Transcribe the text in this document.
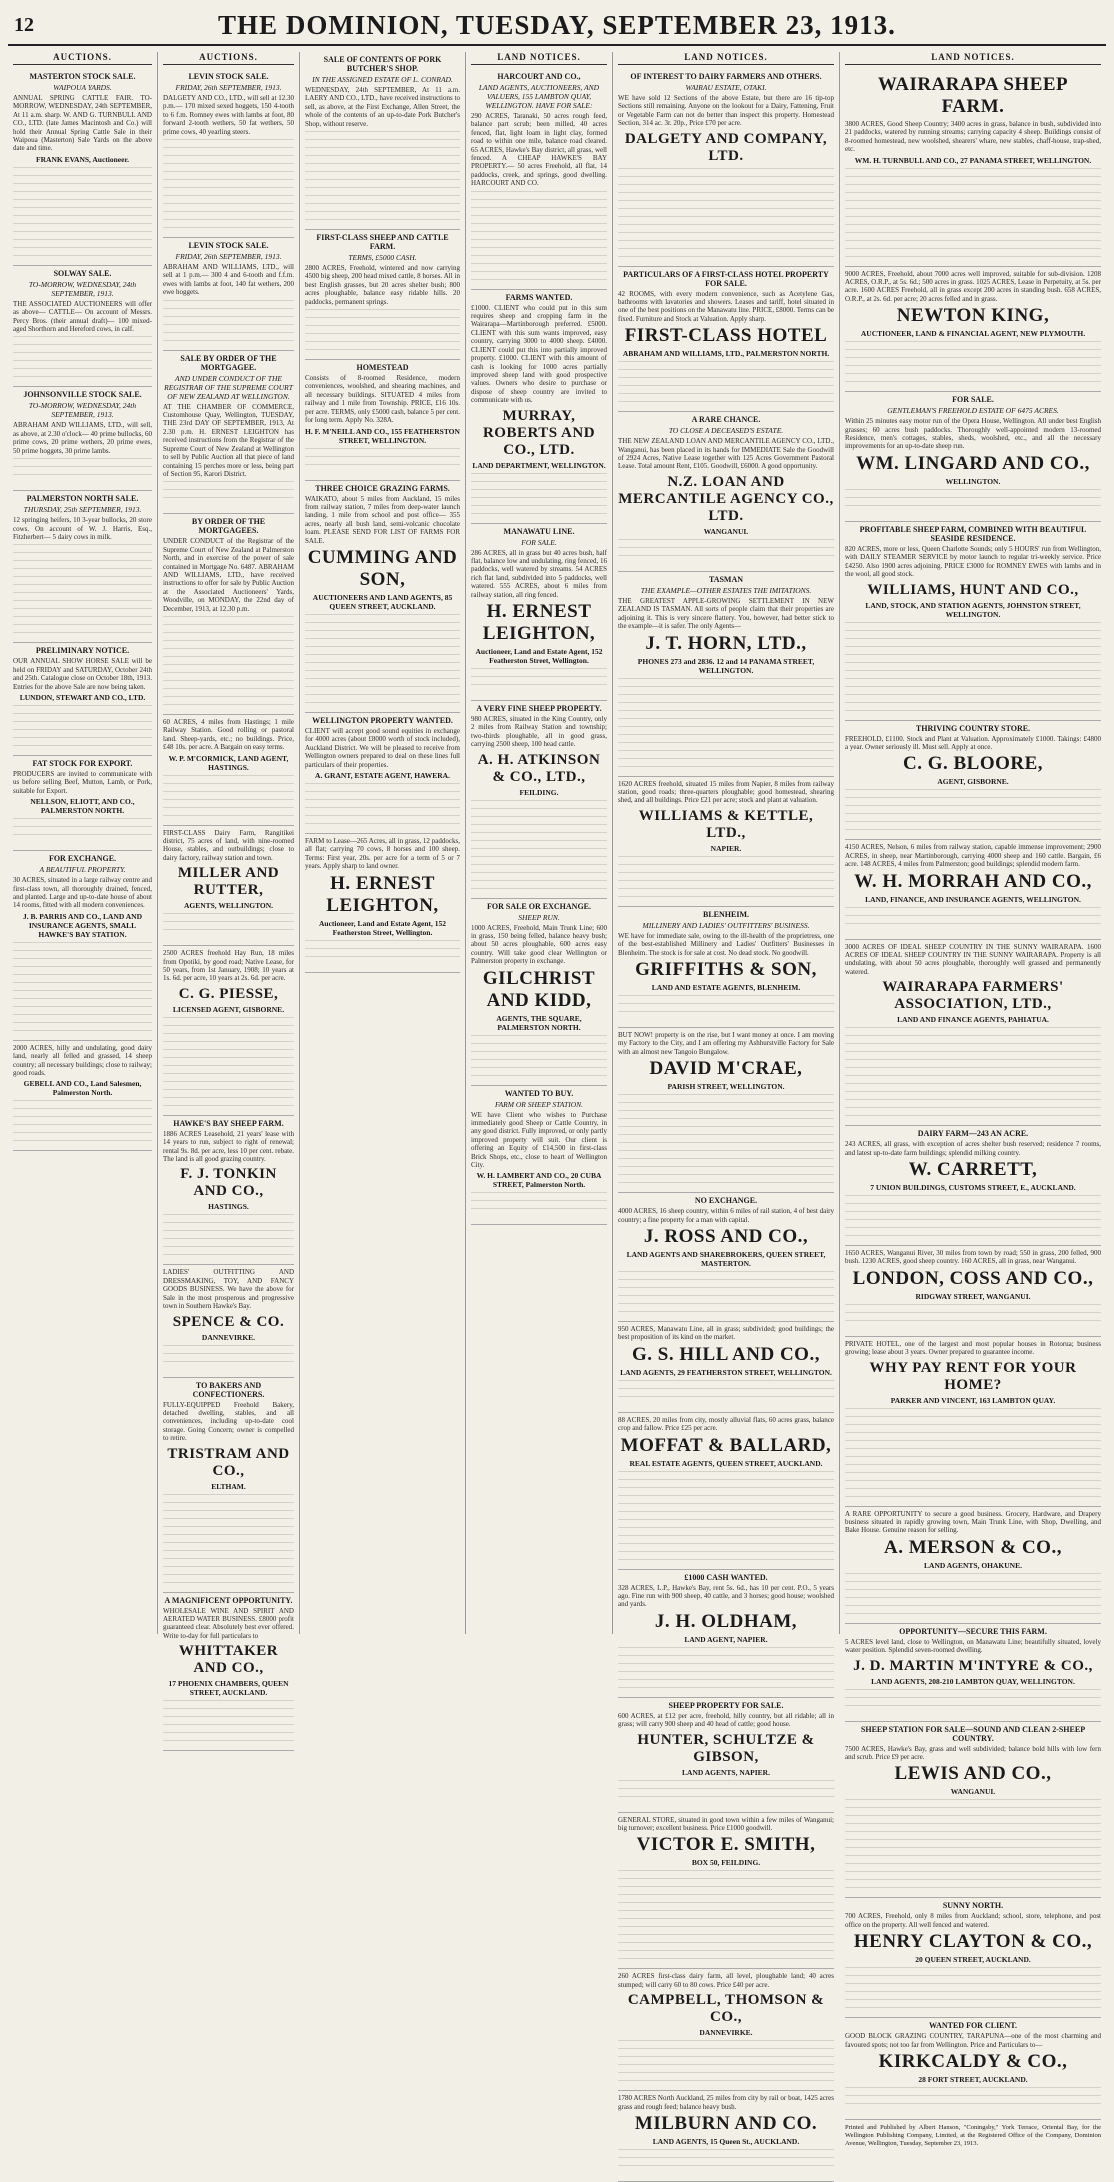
12	THE DOMINION, TUESDAY, SEPTEMBER 23, 1913.
AUCTIONS.
MASTERTON STOCK SALE.
WAIPOUA YARDS.
ANNUAL SPRING CATTLE FAIR. TO-MORROW, WEDNESDAY, 24th SEPTEMBER, At 11 a.m. sharp. W. AND G. TURNBULL AND CO., LTD. (late James Macintosh and Co.) will hold their Annual Spring Cattle Sale in their Waipoua (Masterton) Sale Yards on the above date and time.
FRANK EVANS, Auctioneer.
SOLWAY SALE.
TO-MORROW, WEDNESDAY, 24th SEPTEMBER, 1913.
THE ASSOCIATED AUCTIONEERS will offer as above— CATTLE— On account of Messrs. Percy Bros. (their annual draft)— 100 mixed-aged Shorthorn and Hereford cows, in calf.
JOHNSONVILLE STOCK SALE.
TO-MORROW, WEDNESDAY, 24th SEPTEMBER, 1913.
ABRAHAM AND WILLIAMS, LTD., will sell, as above, at 2.30 o'clock— 40 prime bullocks, 60 prime cows, 20 prime wethers, 20 prime ewes, 50 prime hoggets, 30 prime lambs.
PALMERSTON NORTH SALE.
THURSDAY, 25th SEPTEMBER, 1913.
12 springing heifers, 10 3-year bullocks, 20 store cows. On account of W. J. Harris, Esq., Fitzherbert— 5 dairy cows in milk.
PRELIMINARY NOTICE.
OUR ANNUAL SHOW HORSE SALE will be held on FRIDAY and SATURDAY, October 24th and 25th. Catalogue close on October 18th, 1913. Entries for the above Sale are now being taken.
LUNDON, STEWART AND CO., LTD.
FAT STOCK FOR EXPORT.
PRODUCERS are invited to communicate with us before selling Beef, Mutton, Lamb, or Pork, suitable for Export.
NELLSON, ELIOTT, AND CO., PALMERSTON NORTH.
FOR EXCHANGE.
A BEAUTIFUL PROPERTY.
30 ACRES, situated in a large railway centre and first-class town, all thoroughly drained, fenced, and planted. Large and up-to-date house of about 14 rooms, fitted with all modern conveniences.
J. B. PARRIS AND CO., LAND AND INSURANCE AGENTS, SMALL HAWKE'S BAY STATION.
2000 ACRES, hilly and undulating, good dairy land, nearly all felled and grassed, 14 sheep country; all necessary buildings; close to railway; good roads.
GEBELL AND CO., Land Salesmen, Palmerston North.
AUCTIONS.
LEVIN STOCK SALE.
FRIDAY, 26th SEPTEMBER, 1913.
DALGETY AND CO., LTD., will sell at 12.30 p.m.— 170 mixed sexed hoggets, 150 4-tooth to 6 f.m. Romney ewes with lambs at foot, 80 forward 2-tooth wethers, 50 fat wethers, 50 prime cows, 40 yearling steers.
LEVIN STOCK SALE.
FRIDAY, 26th SEPTEMBER, 1913.
ABRAHAM AND WILLIAMS, LTD., will sell at 1 p.m.— 300 4 and 6-tooth and f.f.m. ewes with lambs at foot, 140 fat wethers, 200 ewe hoggets.
SALE BY ORDER OF THE MORTGAGEE.
AND UNDER CONDUCT OF THE REGISTRAR OF THE SUPREME COURT OF NEW ZEALAND AT WELLINGTON.
AT THE CHAMBER OF COMMERCE, Customhouse Quay, Wellington, TUESDAY, THE 23rd DAY OF SEPTEMBER, 1913, At 2.30 p.m. H. ERNEST LEIGHTON has received instructions from the Registrar of the Supreme Court of New Zealand at Wellington to sell by Public Auction all that piece of land containing 15 perches more or less, being part of Section 95, Karori District.
BY ORDER OF THE MORTGAGEES.
UNDER CONDUCT of the Registrar of the Supreme Court of New Zealand at Palmerston North, and in exercise of the power of sale contained in Mortgage No. 6487. ABRAHAM AND WILLIAMS, LTD., have received instructions to offer for sale by Public Auction at the Associated Auctioneers' Yards, Woodville, on MONDAY, the 22nd day of December, 1913, at 12.30 p.m.
60 ACRES, 4 miles from Hastings; 1 mile Railway Station. Good rolling or pastoral land. Sheep-yards, etc.; no buildings. Price, £48 10s. per acre. A Bargain on easy terms.
W. P. M'CORMICK, LAND AGENT, HASTINGS.
FIRST-CLASS Dairy Farm, Rangitikei district, 75 acres of land, with nine-roomed House, stables, and outbuildings; close to dairy factory, railway station and town.
MILLER AND RUTTER,
AGENTS, WELLINGTON.
2500 ACRES freehold Hay Run, 18 miles from Opotiki, by good road; Native Lease, for 50 years, from 1st January, 1908; 10 years at 1s. 6d. per acre, 10 years at 2s. 6d. per acre.
C. G. PIESSE,
LICENSED AGENT, GISBORNE.
HAWKE'S BAY SHEEP FARM.
1886 ACRES Leasehold, 21 years' lease with 14 years to run, subject to right of renewal; rental 9s. 8d. per acre, less 10 per cent. rebate. The land is all good grazing country.
F. J. TONKIN AND CO.,
HASTINGS.
LADIES' OUTFITTING AND DRESSMAKING, TOY, AND FANCY GOODS BUSINESS. We have the above for Sale in the most prosperous and progressive town in Southern Hawke's Bay.
SPENCE & CO.
DANNEVIRKE.
TO BAKERS AND CONFECTIONERS.
FULLY-EQUIPPED Freehold Bakery, detached dwelling, stables, and all conveniences, including up-to-date cool storage. Going Concern; owner is compelled to retire.
TRISTRAM AND CO.,
ELTHAM.
A MAGNIFICENT OPPORTUNITY.
WHOLESALE WINE AND SPIRIT AND AERATED WATER BUSINESS. £8000 profit guaranteed clear. Absolutely best ever offered. Write to-day for full particulars to
WHITTAKER AND CO.,
17 PHOENIX CHAMBERS, QUEEN STREET, AUCKLAND.
SALE OF CONTENTS OF PORK BUTCHER'S SHOP.
IN THE ASSIGNED ESTATE OF L. CONRAD.
WEDNESDAY, 24th SEPTEMBER, At 11 a.m. LAERY AND CO., LTD., have received instructions to sell, as above, at the First Exchange, Allen Street, the whole of the contents of an up-to-date Pork Butcher's Shop, without reserve.
FIRST-CLASS SHEEP AND CATTLE FARM.
TERMS, £5000 CASH.
2800 ACRES, Freehold, wintered and now carrying 4500 big sheep, 200 head mixed cattle, 8 horses. All in best English grasses, but 20 acres shelter bush; 800 acres ploughable, balance easy ridable hills. 20 paddocks, permanent springs.
HOMESTEAD
Consists of 8-roomed Residence, modern conveniences, woolshed, and shearing machines, and all necessary buildings. SITUATED 4 miles from railway and 1 mile from Township. PRICE, £16 10s. per acre. TERMS, only £5000 cash, balance 5 per cent. for long term. Apply No. 328A.
H. F. M'NEILL AND CO., 155 FEATHERSTON STREET, WELLINGTON.
THREE CHOICE GRAZING FARMS.
WAIKATO, about 5 miles from Auckland, 15 miles from railway station, 7 miles from deep-water launch landing, 1 mile from school and post office— 355 acres, nearly all bush land, semi-volcanic chocolate loam. PLEASE SEND FOR LIST OF FARMS FOR SALE.
CUMMING AND SON,
AUCTIONEERS AND LAND AGENTS, 85 QUEEN STREET, AUCKLAND.
WELLINGTON PROPERTY WANTED.
CLIENT will accept good sound equities in exchange for 4000 acres (about £8000 worth of stock included), Auckland District. We will be pleased to receive from Wellington owners prepared to deal on these lines full particulars of their properties.
A. GRANT, ESTATE AGENT, HAWERA.
FARM to Lease—265 Acres, all in grass, 12 paddocks, all flat; carrying 70 cows, 8 horses and 100 sheep. Terms: First year, 20s. per acre for a term of 5 or 7 years. Apply sharp to land owner.
H. ERNEST LEIGHTON,
Auctioneer, Land and Estate Agent, 152 Featherston Street, Wellington.
LAND NOTICES.
HARCOURT AND CO.,
LAND AGENTS, AUCTIONEERS, AND VALUERS, 155 LAMBTON QUAY, WELLINGTON. HAVE FOR SALE:
290 ACRES, Taranaki, 50 acres rough feed, balance part scrub; been milled, 40 acres fenced, flat, light loam in light clay, formed road to within one mile, balance road cleared. 65 ACRES, Hawke's Bay district, all grass, well fenced. A CHEAP HAWKE'S BAY PROPERTY.— 50 acres Freehold, all flat, 14 paddocks, creek, and springs, good dwelling. HARCOURT AND CO.
FARMS WANTED.
£1000. CLIENT who could put in this sum requires sheep and cropping farm in the Wairarapa—Martinborough preferred. £5000. CLIENT with this sum wants improved, easy country, carrying 3000 to 4000 sheep. £4000. CLIENT could put this into partially improved property. £1000. CLIENT with this amount of cash is looking for 1000 acres partially improved sheep land with good prospective values. Owners who desire to purchase or dispose of sheep country are invited to communicate with us.
MURRAY, ROBERTS AND CO., LTD.
LAND DEPARTMENT, WELLINGTON.
MANAWATU LINE.
FOR SALE.
286 ACRES, all in grass but 40 acres bush, half flat, balance low and undulating, ring fenced, 16 paddocks, well watered by streams. 54 ACRES rich flat land, subdivided into 5 paddocks, well watered. 555 ACRES, about 6 miles from railway station, all ring fenced.
H. ERNEST LEIGHTON,
Auctioneer, Land and Estate Agent, 152 Featherston Street, Wellington.
A VERY FINE SHEEP PROPERTY.
980 ACRES, situated in the King Country, only 2 miles from Railway Station and township; two-thirds ploughable, all in good grass, carrying 2500 sheep, 100 head cattle.
A. H. ATKINSON & CO., LTD.,
FEILDING.
FOR SALE OR EXCHANGE.
SHEEP RUN.
1000 ACRES, Freehold, Main Trunk Line; 600 in grass, 150 being felled, balance heavy bush; about 50 acres ploughable, 600 acres easy country. Will take good clear Wellington or Palmerston property in exchange.
GILCHRIST AND KIDD,
AGENTS, THE SQUARE, PALMERSTON NORTH.
WANTED TO BUY.
FARM OR SHEEP STATION.
WE have Client who wishes to Purchase immediately good Sheep or Cattle Country, in any good district. Fully improved, or only partly improved property will suit. Our client is offering an Equity of £14,500 in first-class Brick Shops, etc., close to heart of Wellington City.
W. H. LAMBERT AND CO., 20 CUBA STREET, Palmerston North.
LAND NOTICES.
OF INTEREST TO DAIRY FARMERS AND OTHERS.
WAIRAU ESTATE, OTAKI.
WE have sold 12 Sections of the above Estate, but there are 16 tip-top Sections still remaining. Anyone on the lookout for a Dairy, Fattening, Fruit or Vegetable Farm can not do better than inspect this property. Homestead Section, 314 ac. 3r. 20p., Price £70 per acre.
DALGETY AND COMPANY, LTD.
PARTICULARS OF A FIRST-CLASS HOTEL PROPERTY FOR SALE.
42 ROOMS, with every modern convenience, such as Acetylene Gas, bathrooms with lavatories and showers. Leases and tariff, hotel situated in one of the best positions on the Manawatu line. PRICE, £8000. Terms can be fixed. Furniture and Stock at Valuation. Apply sharp.
FIRST-CLASS HOTEL
ABRAHAM AND WILLIAMS, LTD., PALMERSTON NORTH.
A RARE CHANCE.
TO CLOSE A DECEASED'S ESTATE.
THE NEW ZEALAND LOAN AND MERCANTILE AGENCY CO., LTD., Wanganui, has been placed in its hands for IMMEDIATE Sale the Goodwill of 2924 Acres, Native Lease together with 125 Acres Government Pastoral Lease. Total amount Rent, £105. Goodwill, £6000. A good opportunity.
N.Z. LOAN AND MERCANTILE AGENCY CO., LTD.
WANGANUI.
TASMAN
THE EXAMPLE—OTHER ESTATES THE IMITATIONS.
THE GREATEST APPLE-GROWING SETTLEMENT IN NEW ZEALAND IS TASMAN. All sorts of people claim that their properties are adjoining it. This is very sincere flattery. You, however, had better stick to the example—it is safer. The only Agents—
J. T. HORN, LTD.,
PHONES 273 and 2836. 12 and 14 PANAMA STREET, WELLINGTON.
1620 ACRES freehold, situated 15 miles from Napier, 8 miles from railway station, good roads; three-quarters ploughable; good homestead, shearing shed, and all buildings. Price £21 per acre; stock and plant at valuation.
WILLIAMS & KETTLE, LTD.,
NAPIER.
BLENHEIM.
MILLINERY AND LADIES' OUTFITTERS' BUSINESS.
WE have for immediate sale, owing to the ill-health of the proprietress, one of the best-established Millinery and Ladies' Outfitters' Businesses in Blenheim. The stock is for sale at cost. No dead stock. No goodwill.
GRIFFITHS & SON,
LAND AND ESTATE AGENTS, BLENHEIM.
BUT NOW! property is on the rise, but I want money at once. I am moving my Factory to the City, and I am offering my Ashhurstville Factory for Sale with an almost new Tangoio Bungalow.
DAVID M'CRAE,
PARISH STREET, WELLINGTON.
NO EXCHANGE.
4000 ACRES, 16 sheep country, within 6 miles of rail station, 4 of best dairy country; a fine property for a man with capital.
J. ROSS AND CO.,
LAND AGENTS AND SHAREBROKERS, QUEEN STREET, MASTERTON.
950 ACRES, Manawatu Line, all in grass; subdivided; good buildings; the best proposition of its kind on the market.
G. S. HILL AND CO.,
LAND AGENTS, 29 FEATHERSTON STREET, WELLINGTON.
88 ACRES, 20 miles from city, mostly alluvial flats, 60 acres grass, balance crop and fallow. Price £25 per acre.
MOFFAT & BALLARD,
REAL ESTATE AGENTS, QUEEN STREET, AUCKLAND.
£1000 CASH WANTED.
328 ACRES, L.P., Hawke's Bay, rent 5s. 6d., has 10 per cent. P.O., 5 years ago. Fine run with 900 sheep, 40 cattle, and 3 horses; good house; woolshed and yards.
J. H. OLDHAM,
LAND AGENT, NAPIER.
SHEEP PROPERTY FOR SALE.
600 ACRES, at £12 per acre, freehold, hilly country, but all ridable; all in grass; will carry 900 sheep and 40 head of cattle; good house.
HUNTER, SCHULTZE & GIBSON,
LAND AGENTS, NAPIER.
GENERAL STORE, situated in good town within a few miles of Wanganui; big turnover; excellent business. Price £1000 goodwill.
VICTOR E. SMITH,
BOX 50, FEILDING.
260 ACRES first-class dairy farm, all level, ploughable land; 40 acres stumped; will carry 60 to 80 cows. Price £40 per acre.
CAMPBELL, THOMSON & CO.,
DANNEVIRKE.
1780 ACRES North Auckland, 25 miles from city by rail or boat, 1425 acres grass and rough feed; balance heavy bush.
MILBURN AND CO.
LAND AGENTS, 15 Queen St., AUCKLAND.
LAND NOTICES.
WAIRARAPA SHEEP FARM.
3800 ACRES, Good Sheep Country; 3400 acres in grass, balance in bush, subdivided into 21 paddocks, watered by running streams; carrying capacity 4 sheep. Buildings consist of 8-roomed homestead, new woolshed, shearers' whare, new stables, chaff-house, trap-shed, etc.
WM. H. TURNBULL AND CO., 27 PANAMA STREET, WELLINGTON.
9000 ACRES, Freehold, about 7000 acres well improved, suitable for sub-division. 1208 ACRES, O.R.P., at 5s. 6d.; 500 acres in grass. 1025 ACRES, Lease in Perpetuity, at 5s. per acre. 1600 ACRES Freehold, all in grass except 200 acres in standing bush. 658 ACRES, O.R.P., at 2s. 6d. per acre; 20 acres felled and in grass.
NEWTON KING,
AUCTIONEER, LAND & FINANCIAL AGENT, NEW PLYMOUTH.
FOR SALE.
GENTLEMAN'S FREEHOLD ESTATE OF 6475 ACRES.
Within 25 minutes easy motor run of the Opera House, Wellington. All under best English grasses; 60 acres bush paddocks. Thoroughly well-appointed modern 13-roomed Residence, men's cottages, stables, sheds, woolshed, etc., and all the necessary improvements for an up-to-date sheep run.
WM. LINGARD AND CO.,
WELLINGTON.
PROFITABLE SHEEP FARM, COMBINED WITH BEAUTIFUL SEASIDE RESIDENCE.
820 ACRES, more or less, Queen Charlotte Sounds; only 5 HOURS' run from Wellington, with DAILY STEAMER SERVICE by motor launch to regular tri-weekly service. Price £4250. Also 1900 acres adjoining. PRICE £3000 for ROMNEY EWES with lambs and in the wool, all good stock.
WILLIAMS, HUNT AND CO.,
LAND, STOCK, AND STATION AGENTS, JOHNSTON STREET, WELLINGTON.
THRIVING COUNTRY STORE.
FREEHOLD, £1100. Stock and Plant at Valuation. Approximately £1000. Takings: £4800 a year. Owner seriously ill. Must sell. Apply at once.
C. G. BLOORE,
AGENT, GISBORNE.
4150 ACRES, Nelson, 6 miles from railway station, capable immense improvement; 2900 ACRES, in sheep, near Martinborough, carrying 4000 sheep and 160 cattle. Bargain, £6 acre. 148 ACRES, 4 miles from Palmerston; good buildings; splendid modern farm.
W. H. MORRAH AND CO.,
LAND, FINANCE, AND INSURANCE AGENTS, WELLINGTON.
3000 ACRES OF IDEAL SHEEP COUNTRY IN THE SUNNY WAIRARAPA. 1600 ACRES OF IDEAL SHEEP COUNTRY IN THE SUNNY WAIRARAPA. Property is all undulating, with about 50 acres ploughable, thoroughly well grassed and permanently watered.
WAIRARAPA FARMERS' ASSOCIATION, LTD.,
LAND AND FINANCE AGENTS, PAHIATUA.
DAIRY FARM—243 AN ACRE.
243 ACRES, all grass, with exception of acres shelter bush reserved; residence 7 rooms, and latest up-to-date farm buildings; splendid milking country.
W. CARRETT,
7 UNION BUILDINGS, CUSTOMS STREET, E., AUCKLAND.
1650 ACRES, Wanganui River, 30 miles from town by road; 550 in grass, 200 felled, 900 bush. 1230 ACRES, good sheep country. 160 ACRES, all in grass, near Wanganui.
LONDON, COSS AND CO.,
RIDGWAY STREET, WANGANUI.
PRIVATE HOTEL, one of the largest and most popular houses in Rotorua; business growing; lease about 3 years. Owner prepared to guarantee income.
WHY PAY RENT FOR YOUR HOME?
PARKER AND VINCENT, 163 LAMBTON QUAY.
A RARE OPPORTUNITY to secure a good business. Grocery, Hardware, and Drapery business situated in rapidly growing town, Main Trunk Line, with Shop, Dwelling, and Bake House. Genuine reason for selling.
A. MERSON & CO.,
LAND AGENTS, OHAKUNE.
OPPORTUNITY—SECURE THIS FARM.
5 ACRES level land, close to Wellington, on Manawatu Line; beautifully situated, lovely water position. Splendid seven-roomed dwelling.
J. D. MARTIN M'INTYRE & CO.,
LAND AGENTS, 208-210 LAMBTON QUAY, WELLINGTON.
SHEEP STATION FOR SALE—SOUND AND CLEAN 2-SHEEP COUNTRY.
7500 ACRES, Hawke's Bay, grass and well subdivided; balance bold hills with low fern and scrub. Price £9 per acre.
LEWIS AND CO.,
WANGANUI.
SUNNY NORTH.
700 ACRES, Freehold, only 8 miles from Auckland; school, store, telephone, and post office on the property. All well fenced and watered.
HENRY CLAYTON & CO.,
20 QUEEN STREET, AUCKLAND.
WANTED FOR CLIENT.
GOOD BLOCK GRAZING COUNTRY, TARAPUNA—one of the most charming and favoured spots; not too far from Wellington. Price and Particulars to—
KIRKCALDY & CO.,
28 FORT STREET, AUCKLAND.
Printed and Published by Albert Hanson, "Coningsby," York Terrace, Oriental Bay, for the Wellington Publishing Company, Limited, at the Registered Office of the Company, Dominion Avenue, Wellington, Tuesday, September 23, 1913.
